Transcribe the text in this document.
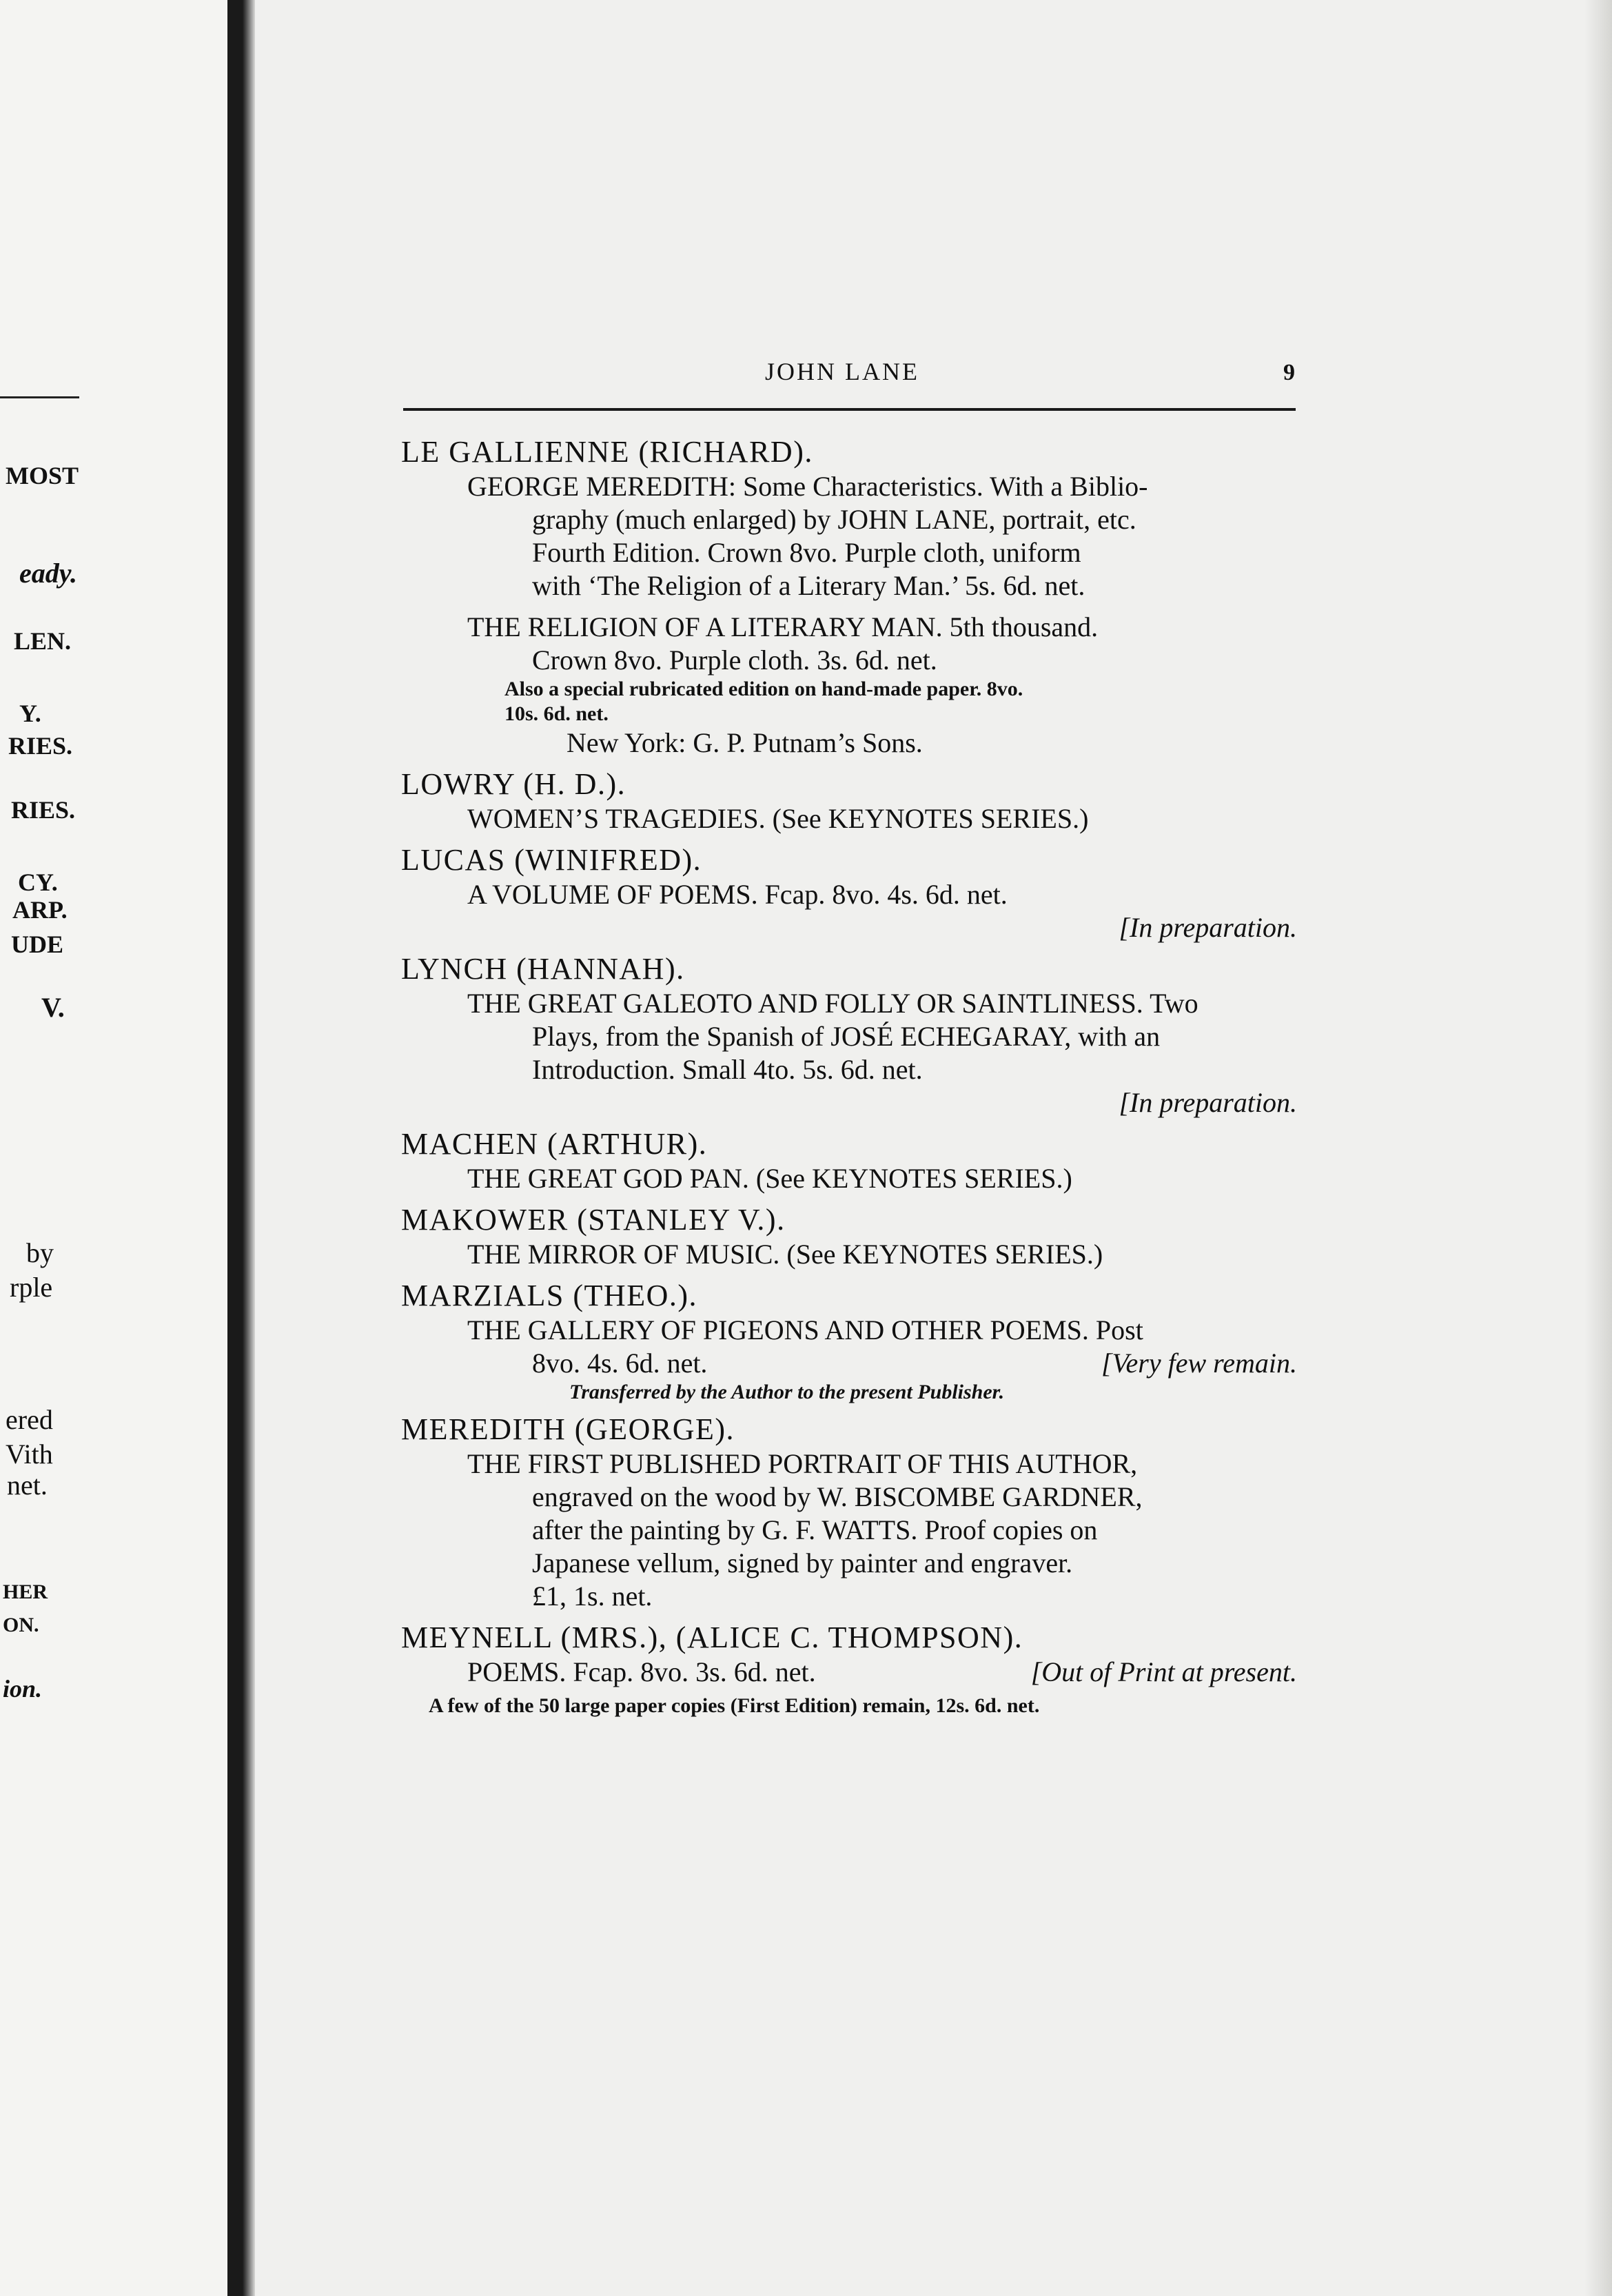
MOST
eady.
LEN.
Y.
RIES.
RIES.
CY.
ARP.
UDE
V.
by
rple
ered
Vith
net.
HER
ON.
ion.
JOHN LANE	9
LE GALLIENNE (RICHARD).
GEORGE MEREDITH: Some Characteristics. With a Biblio-
graphy (much enlarged) by JOHN LANE, portrait, etc.
Fourth Edition. Crown 8vo. Purple cloth, uniform
with ‘The Religion of a Literary Man.’ 5s. 6d. net.
THE RELIGION OF A LITERARY MAN. 5th thousand.
Crown 8vo. Purple cloth. 3s. 6d. net.
Also a special rubricated edition on hand-made paper. 8vo.
10s. 6d. net.
New York: G. P. Putnam’s Sons.
LOWRY (H. D.).
WOMEN’S TRAGEDIES. (See KEYNOTES SERIES.)
LUCAS (WINIFRED).
A VOLUME OF POEMS. Fcap. 8vo. 4s. 6d. net.
[In preparation.
LYNCH (HANNAH).
THE GREAT GALEOTO AND FOLLY OR SAINTLINESS. Two
Plays, from the Spanish of JOSÉ ECHEGARAY, with an
Introduction. Small 4to. 5s. 6d. net.
[In preparation.
MACHEN (ARTHUR).
THE GREAT GOD PAN. (See KEYNOTES SERIES.)
MAKOWER (STANLEY V.).
THE MIRROR OF MUSIC. (See KEYNOTES SERIES.)
MARZIALS (THEO.).
THE GALLERY OF PIGEONS AND OTHER POEMS. Post
8vo. 4s. 6d. net.	[Very few remain.
Transferred by the Author to the present Publisher.
MEREDITH (GEORGE).
THE FIRST PUBLISHED PORTRAIT OF THIS AUTHOR,
engraved on the wood by W. BISCOMBE GARDNER,
after the painting by G. F. WATTS. Proof copies on
Japanese vellum, signed by painter and engraver.
£1, 1s. net.
MEYNELL (MRS.), (ALICE C. THOMPSON).
POEMS. Fcap. 8vo. 3s. 6d. net.	[Out of Print at present.
A few of the 50 large paper copies (First Edition) remain, 12s. 6d. net.
